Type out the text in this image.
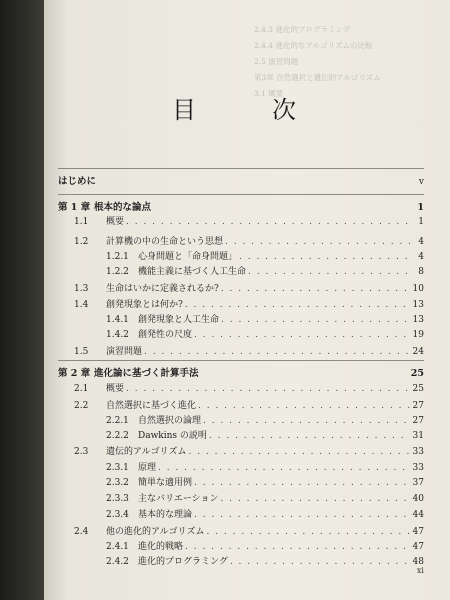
2.4.3 進化的プログラミング
2.4.4 進化的なアルゴリズムの比較
2.5 演習問題
第3章 自然選択と遺伝的アルゴリズム
3.1 概要
目　次
はじめに	v
第 1 章 根本的な論点	1
1.1	概要 . . .	1
1.2	計算機の中の生命という思想 . . .	4
1.2.1	心身問題と「命身問題」 . . .	4
1.2.2	機能主義に基づく人工生命 . . .	8
1.3	生命はいかに定義されるか? . . .	10
1.4	創発現象とは何か? . . .	13
1.4.1	創発現象と人工生命 . . .	13
1.4.2	創発性の尺度 . . .	19
1.5	演習問題 . . .	24
第 2 章 進化論に基づく計算手法	25
2.1	概要 . . .	25
2.2	自然選択に基づく進化 . . .	27
2.2.1	自然選択の論理 . . .	27
2.2.2	Dawkins の説明 . . .	31
2.3	遺伝的アルゴリズム . . .	33
2.3.1	原理 . . .	33
2.3.2	簡単な適用例 . . .	37
2.3.3	主なバリエーション . . .	40
2.3.4	基本的な理論 . . .	44
2.4	他の進化的アルゴリズム . . .	47
2.4.1	進化的戦略 . . .	47
2.4.2	進化的プログラミング . . .	48
xi
